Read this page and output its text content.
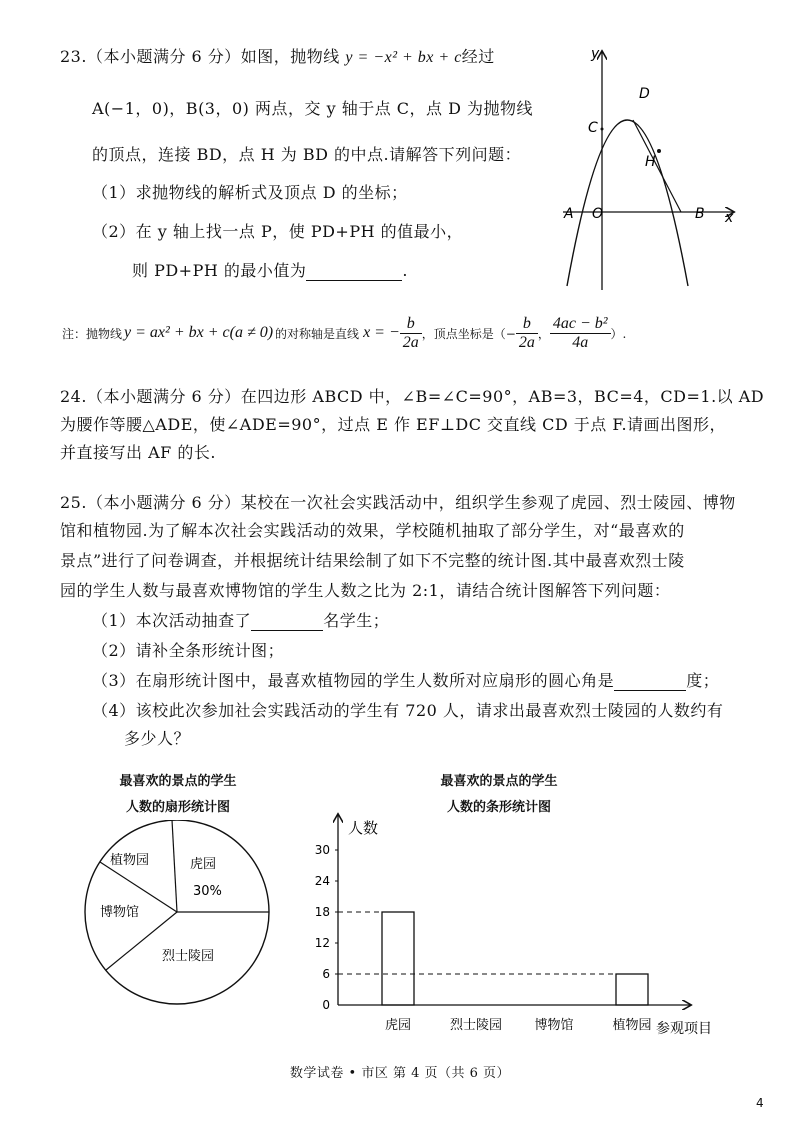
23.（本小题满分 6 分）如图，抛物线 y = −x² + bx + c经过
A(−1，0)，B(3，0) 两点，交 y 轴于点 C，点 D 为抛物线
的顶点，连接 BD，点 H 为 BD 的中点.请解答下列问题：
（1）求抛物线的解析式及顶点 D 的坐标；
（2）在 y 轴上找一点 P，使 PD+PH 的值最小，
则 PD+PH 的最小值为	.
y
x
D
C
H
A O	B
注：抛物线 y = ax² + bx + c(a ≠ 0) 的对称轴是直线 x = − $\frac{b}{2a}$ ，顶点坐标是（− $\frac{b}{2a}$ ， $\frac{\text{4ac − b²}}{4a}$ ）.
24.（本小题满分 6 分）在四边形 ABCD 中，∠B=∠C=90°，AB=3，BC=4，CD=1.以 AD
为腰作等腰△ADE，使∠ADE=90°，过点 E 作 EF⊥DC 交直线 CD 于点 F.请画出图形，
并直接写出 AF 的长.
25.（本小题满分 6 分）某校在一次社会实践活动中，组织学生参观了虎园、烈士陵园、博物
馆和植物园.为了解本次社会实践活动的效果，学校随机抽取了部分学生，对“最喜欢的
景点”进行了问卷调查，并根据统计结果绘制了如下不完整的统计图.其中最喜欢烈士陵
园的学生人数与最喜欢博物馆的学生人数之比为 2:1，请结合统计图解答下列问题：
（1）本次活动抽查了	名学生；
（2）请补全条形统计图；
（3）在扇形统计图中，最喜欢植物园的学生人数所对应扇形的圆心角是	度；
（4）该校此次参加社会实践活动的学生有 720 人，请求出最喜欢烈士陵园的人数约有
多少人？
最喜欢的景点的学生
人数的扇形统计图
植物园	虎园
30%
博物馆
烈士陵园
最喜欢的景点的学生
人数的条形统计图
0
6
12
18
24
30
虎园	烈士陵园 博物馆	植物园
人数
参观项目
数学试卷 • 市区 第 4 页（共 6 页）
4
